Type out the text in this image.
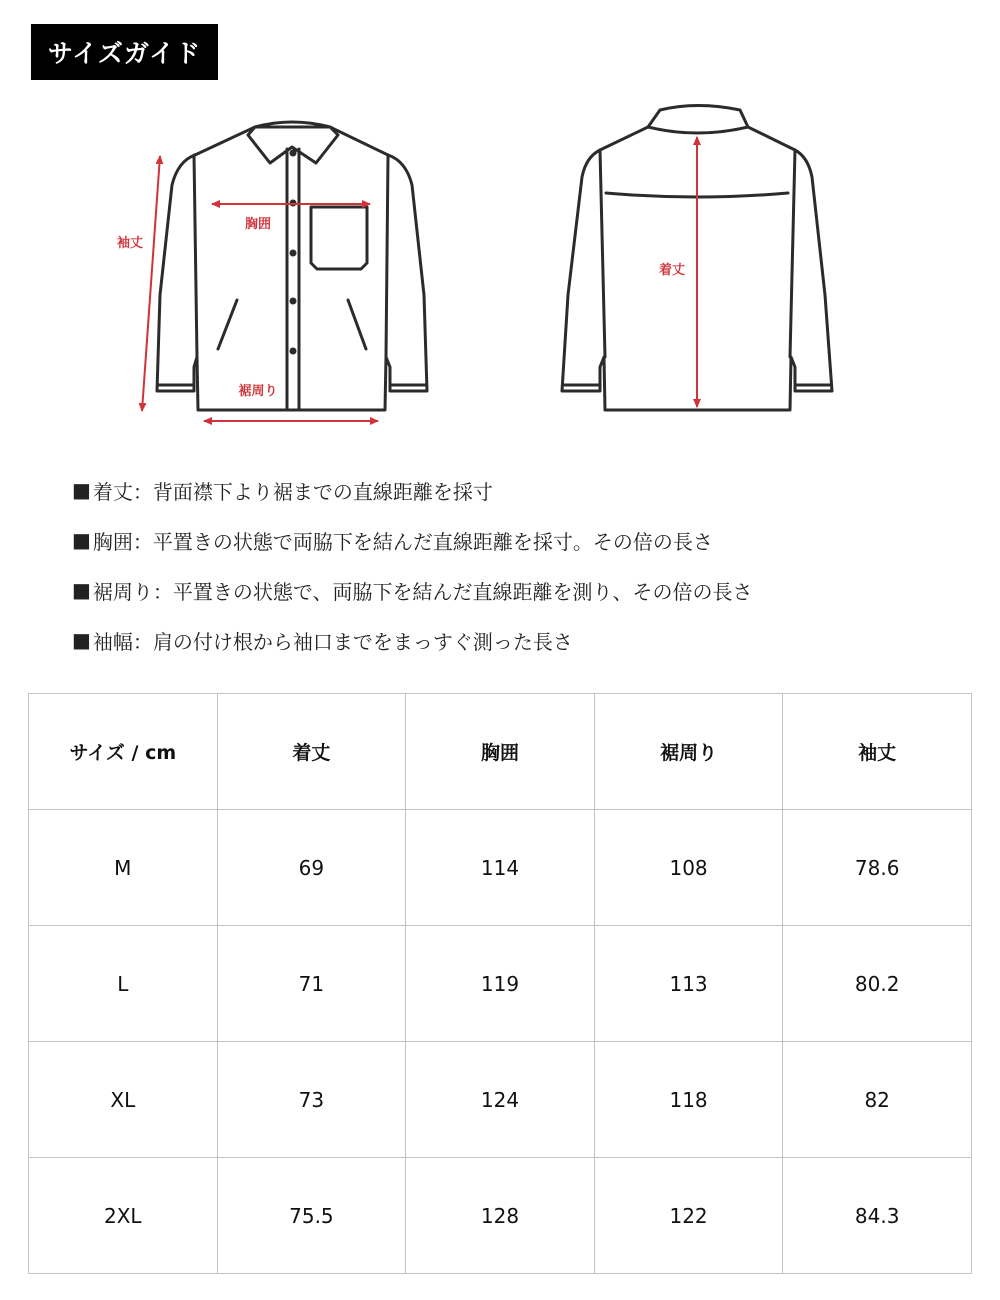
サイズガイド
胸囲
袖丈
裾周り
着丈
■ 着丈：背面襟下より裾までの直線距離を採寸
■ 胸囲：平置きの状態で両脇下を結んだ直線距離を採寸。その倍の長さ
■ 裾周り：平置きの状態で、両脇下を結んだ直線距離を測り、その倍の長さ
■ 袖幅：肩の付け根から袖口までをまっすぐ測った長さ
サイズ / cm	着丈	胸囲	裾周り	袖丈
M	69	114	108	78.6
L	71	119	113	80.2
XL	73	124	118	82
2XL	75.5	128	122	84.3
